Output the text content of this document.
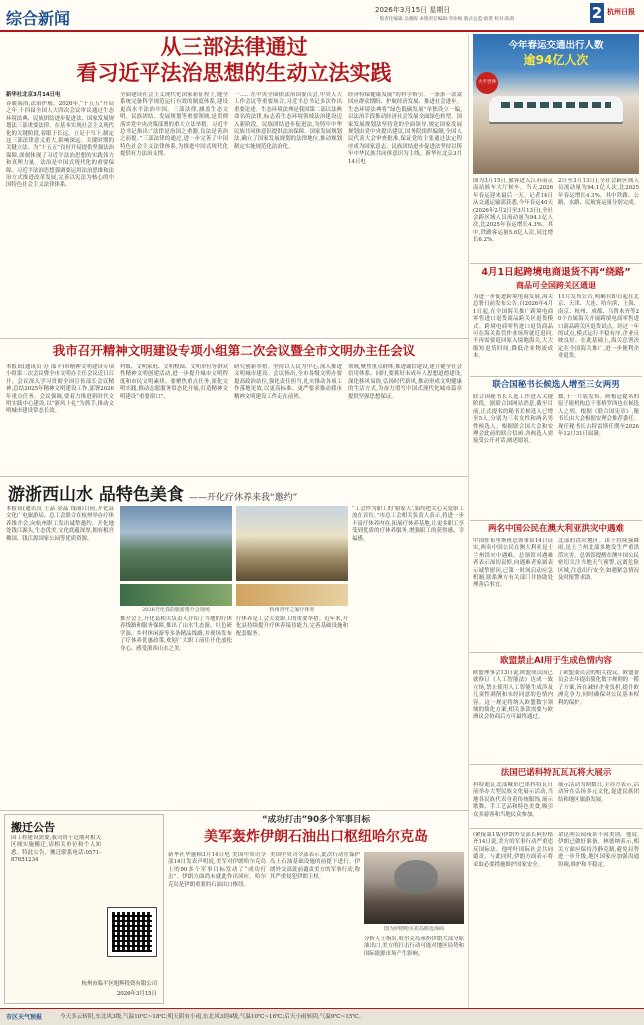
综合新闻	2026年3月15日 星期日
一版责任编辑:吴晓晖 本版责任编辑:罗冰梅 版式总监:俞赟 校对:陈禹	2 杭州日报
从三部法律通过
看习近平法治思想的生动立法实践
新华社北京3月14日电
春暖海浴,法治护航。2026年,“十五五”开局之年,十四届全国人大四次会议审议通过生态环境法典、民族团结进步促进法、国家发展规划法三部重要法律。在基本实现社会主义现代化的关键阶段,着眼于长远、立足于当下,制定这三部法律意义重大,影响深远。关键时期的关键立法。为“十五五”良好开局提供坚强法治保障,深刻体现了习近平法治思想的实践伟力和真理力量。法治是中国式现代化的重要保障。习近平法治思想强调要运用法治思维和法治方式推进改革发展,完善以宪法为核心的中国特色社会主义法律体系。
全面建设社会主义现代化国家新征程上,健全系统完备科学规范运行有效的制度体系,建设更高水平法治中国。三部法律,涵盖生态文明、民族团结、发展规划等重要领域,是贯彻落实党中央决策部署的重大立法举措。习近平总书记指出:“法律是治国之重器,良法是善治之前提。”三部法律的通过,进一步完善了中国特色社会主义法律体系,为推进中国式现代化提供有力法治支撑。
一……在中央全面依法治国委员会,中央人大工作会议等重要场合,习近平总书记多次作出重要论述。生态环境法典是我国第二部以法典命名的法律,标志着生态环境领域法治建设迈入新阶段。民族团结进步促进法,为铸牢中华民族共同体意识提供法治保障。国家发展规划法,确立了国家发展规划的法律地位,推动规划制定实施规范化法治化。
经济特保健康发展”的科学指引。一条条一款款回应群众期盼、护航经济发展、推进社会进步。生态环境法典将“绿色低碳发展”单独设立一编,以法治手段推动经济社会发展全面绿色转型。国家发展规划法坚持党的全面领导,规定国家发展规划由党中央提出建议,国务院组织编制,全国人民代表大会审查批准,保证党的主张通过法定程序成为国家意志。民族团结进步促进法坚持以铸牢中华民族共同体意识为主线。新华社北京3月14日电
今年春运交通出行人数
逾94亿人次
大平世界
图为3月15日,旅客进入江苏南京南站候车大厅候车。当天,2026年春运迎来最后一天。记者14日从交通运输部获悉,今年春运40天(2026年2月2日至3月13日),全社会跨区域人员流动量为94.1亿人次,比2025年春运增长4.3%。其中,铁路客运量5.6亿人次,同比增长6.2%。
2日至3月13日),全社会跨区域人员流动量为94.1亿人次,比2025年春运增长4.3%。其中铁路、公路、水路、民航客运量分别完成。
4月1日起跨境电商退货不再“绕路”
商品可全国跨关区通退
为进一步促进跨境电商发展,海关总署日前发布公告,自2026年4月1日起,在全国海关推广跨境电商零售进口退货商品跨关区退货模式。跨境电商零售进口退货商品可在海关监管作业场所就近退回,不再需要退回原入境地海关,大大缩短退货时间,降低企业物流成本。
11月发布公告,明确自即日起在北京、天津、大连、哈尔滨、上海、南京、杭州、成都、乌鲁木齐等20个直属海关开展跨境电商零售进口商品跨关区退货试点。经过一年的试点,模式运行平稳有序,企业反映良好。在此基础上,海关总署决定在全国海关推广,进一步便利企业退货。
我市召开精神文明建设专项小组第二次会议暨全市文明办主任会议
本报讯(通讯员 办 邵卡)市精神文明建设专项小组第二次会议暨全市文明办主任会议近日召开。会议深入学习贯彻全国宣传部长会议精神,总结2025年精神文明建设工作,部署2026年重点任务。会议强调,要着力推进新时代文明实践中心建设,以“浙风十礼”为抓手,推动文明城市建设常态长效。
村镇、文明家庭、文明校园、文明单位等群众性精神文明创建活动,进一步提升城市文明程度和市民文明素质。要聚焦重点任务,深化文明实践,推动志愿服务常态化开展,打造精神文明建设“重要窗口”。
研究创新举措。坚持以人民为中心,深入推进文明城市建设。会议指出,全市各级文明办要提高政治站位,强化责任担当,扎实推动各项工作落地见效,以更高标准、更严要求推动我市精神文明建设工作走在前列。
领域,聚焦重点群体,推进诚信建设,建立健全社会信用体系。同时,要抓好未成年人思想道德建设,深化移风易俗,弘扬时代新风,推动形成文明健康的生活方式,为奋力谱写中国式现代化城市篇章提供坚强思想保证。
联合国秘书长候选人增至三女两男
联合国秘书长人选工作进入关键阶段。据联合国网站消息,截至目前,正式提名的秘书长候选人已增至5人,分别为三名女性和两名男性候选人。根据联合国大会和安理会此前的联合信函,各候选人需接受公开对话,阐述愿景。
数,于一月底发布。阿根廷提名的原子能机构总干事格罗西也在候选人之列。根据《联合国宪章》,秘书长由大会根据安理会推荐委任。现任秘书长古特雷斯任期至2026年12月31日届满。
两名中国公民在澳大利亚洪灾中遇难
中国驻布里斯班总领事馆14日证实,两名中国公民在澳大利亚昆士兰州洪灾中遇难。总领馆对遇难者表示深切哀悼,向遇难者家属表示诚挚慰问,已第一时间启动应急机制,联系澳方有关部门并协助处理善后事宜。
北部的洪灾地区。由于持续强降雨,昆士兰州北部多地发生严重洪涝灾害。总领馆提醒在澳中国公民密切关注当地天气预警,远离危险区域,注意出行安全,如遇紧急情况及时报警求助。
欧盟禁止AI用于生成色情内容
欧盟理事会13日说,欧盟成员国已就修订《人工智能法》达成一致立场,禁止使用人工智能生成涉及儿童性剥削和未经同意的色情内容。这一规定将纳入欧盟数字领域的简化方案,相关条款需要与欧洲议会协商后方可最终通过。
了欧盟委员会的相关提议。欧盟委员会去年提出简化数字规则的一揽子方案,旨在减轻企业负担,提升欧洲竞争力,同时确保对公民基本权利的保护。
法国巴诺科特瓦瓦瓦将大展示
科特迪瓦北部城市巴诺科特瓦日前举办大型民族文化展示活动,当地各民族代表身着传统服饰,展示歌舞、手工艺品和特色美食,吸引众多游客和当地民众参加。
展示活动为期数日,主办方表示,活动旨在弘扬多元文化,促进民族团结和地区旅游发展。
(紧接第1版)伊朗外交部长阿拉格齐14日说,美方的军事行动严重违反国际法。他呼吁国际社会共同谴责。与此同时,伊朗方面表示将采取必要措施维护国家安全。
余昆明公园夜景不同类别。他说,伊朗已做好准备。林德纳表示,相关方面应保持冷静克制,避免局势进一步升级,地区国家应加强沟通协调,维护和平稳定。
游浙西山水 品特色美食 ——开化疗休养来我“邀约”
本报讯(通讯员 王晶 金晶 钱丽)目前,开化县文化广电旅游局、总工会联合在杭州举办疗休养推介会,向杭州职工发出诚挚邀约。开化地处钱江源头,生态优美,文化底蕴深厚,拥有根宫佛国、钱江源国家公园等优质资源。
2026开化春韵旅游推介会现场	杭州青年之家疗休养
推介会上,开化县相关负责人介绍了当地的疗休养线路和服务保障,推出了山水生态游、红色研学游、乡村休闲游等多条精品线路,并现场发布了疗休养优惠政策,欢迎广大职工前往开化放松身心、感受浙西山水之美。
疗休养是工会关爱职工的重要举措。近年来,开化县持续提升疗休养接待能力,完善基础设施和配套服务。
“工会作为职工的‘娘家人’,始终把关心关爱职工放在首位。”市总工会相关负责人表示,将进一步丰富疗休养内容,拓展疗休养基地,让更多职工享受到优质的疗休养服务,增强职工的获得感、幸福感。
搬迁公告
因工程建设需要,我司将于近期对相关区域实施搬迁,请相关单位和个人知悉。特此公告。搬迁联系电话:0571-87651234
杭州市临平区旭辉投资有限公司
2026年3月15日
“成功打击”90多个军事目标
美军轰炸伊朗石油出口枢纽哈尔克岛
新华社华盛顿3月14日电 美国中央司令部14日发表声明说,美军对伊朗哈尔克岛上的90多个军事目标发动了“成功打击”。伊朗方面尚未就此作出回应。哈尔克岛是伊朗重要的石油出口枢纽。
美国中央司令部表示,此次行动在保护岛上石油基础设施的前提下进行。伊朗外交部此前谴责美方的军事行动,称其严重侵犯伊朗主权。
图为伊朗哈尔克岛附近海面
分析人士指出,哈尔克岛承担伊朗大部分原油出口,美方的打击行动可能对地区局势和国际能源市场产生影响。
市区天气预报	今天多云转阴,东北风3级,气温10℃~18℃;明天阴有小雨,东北风3到4级,气温10℃~16℃;后天小雨转阴,气温9℃~15℃。
